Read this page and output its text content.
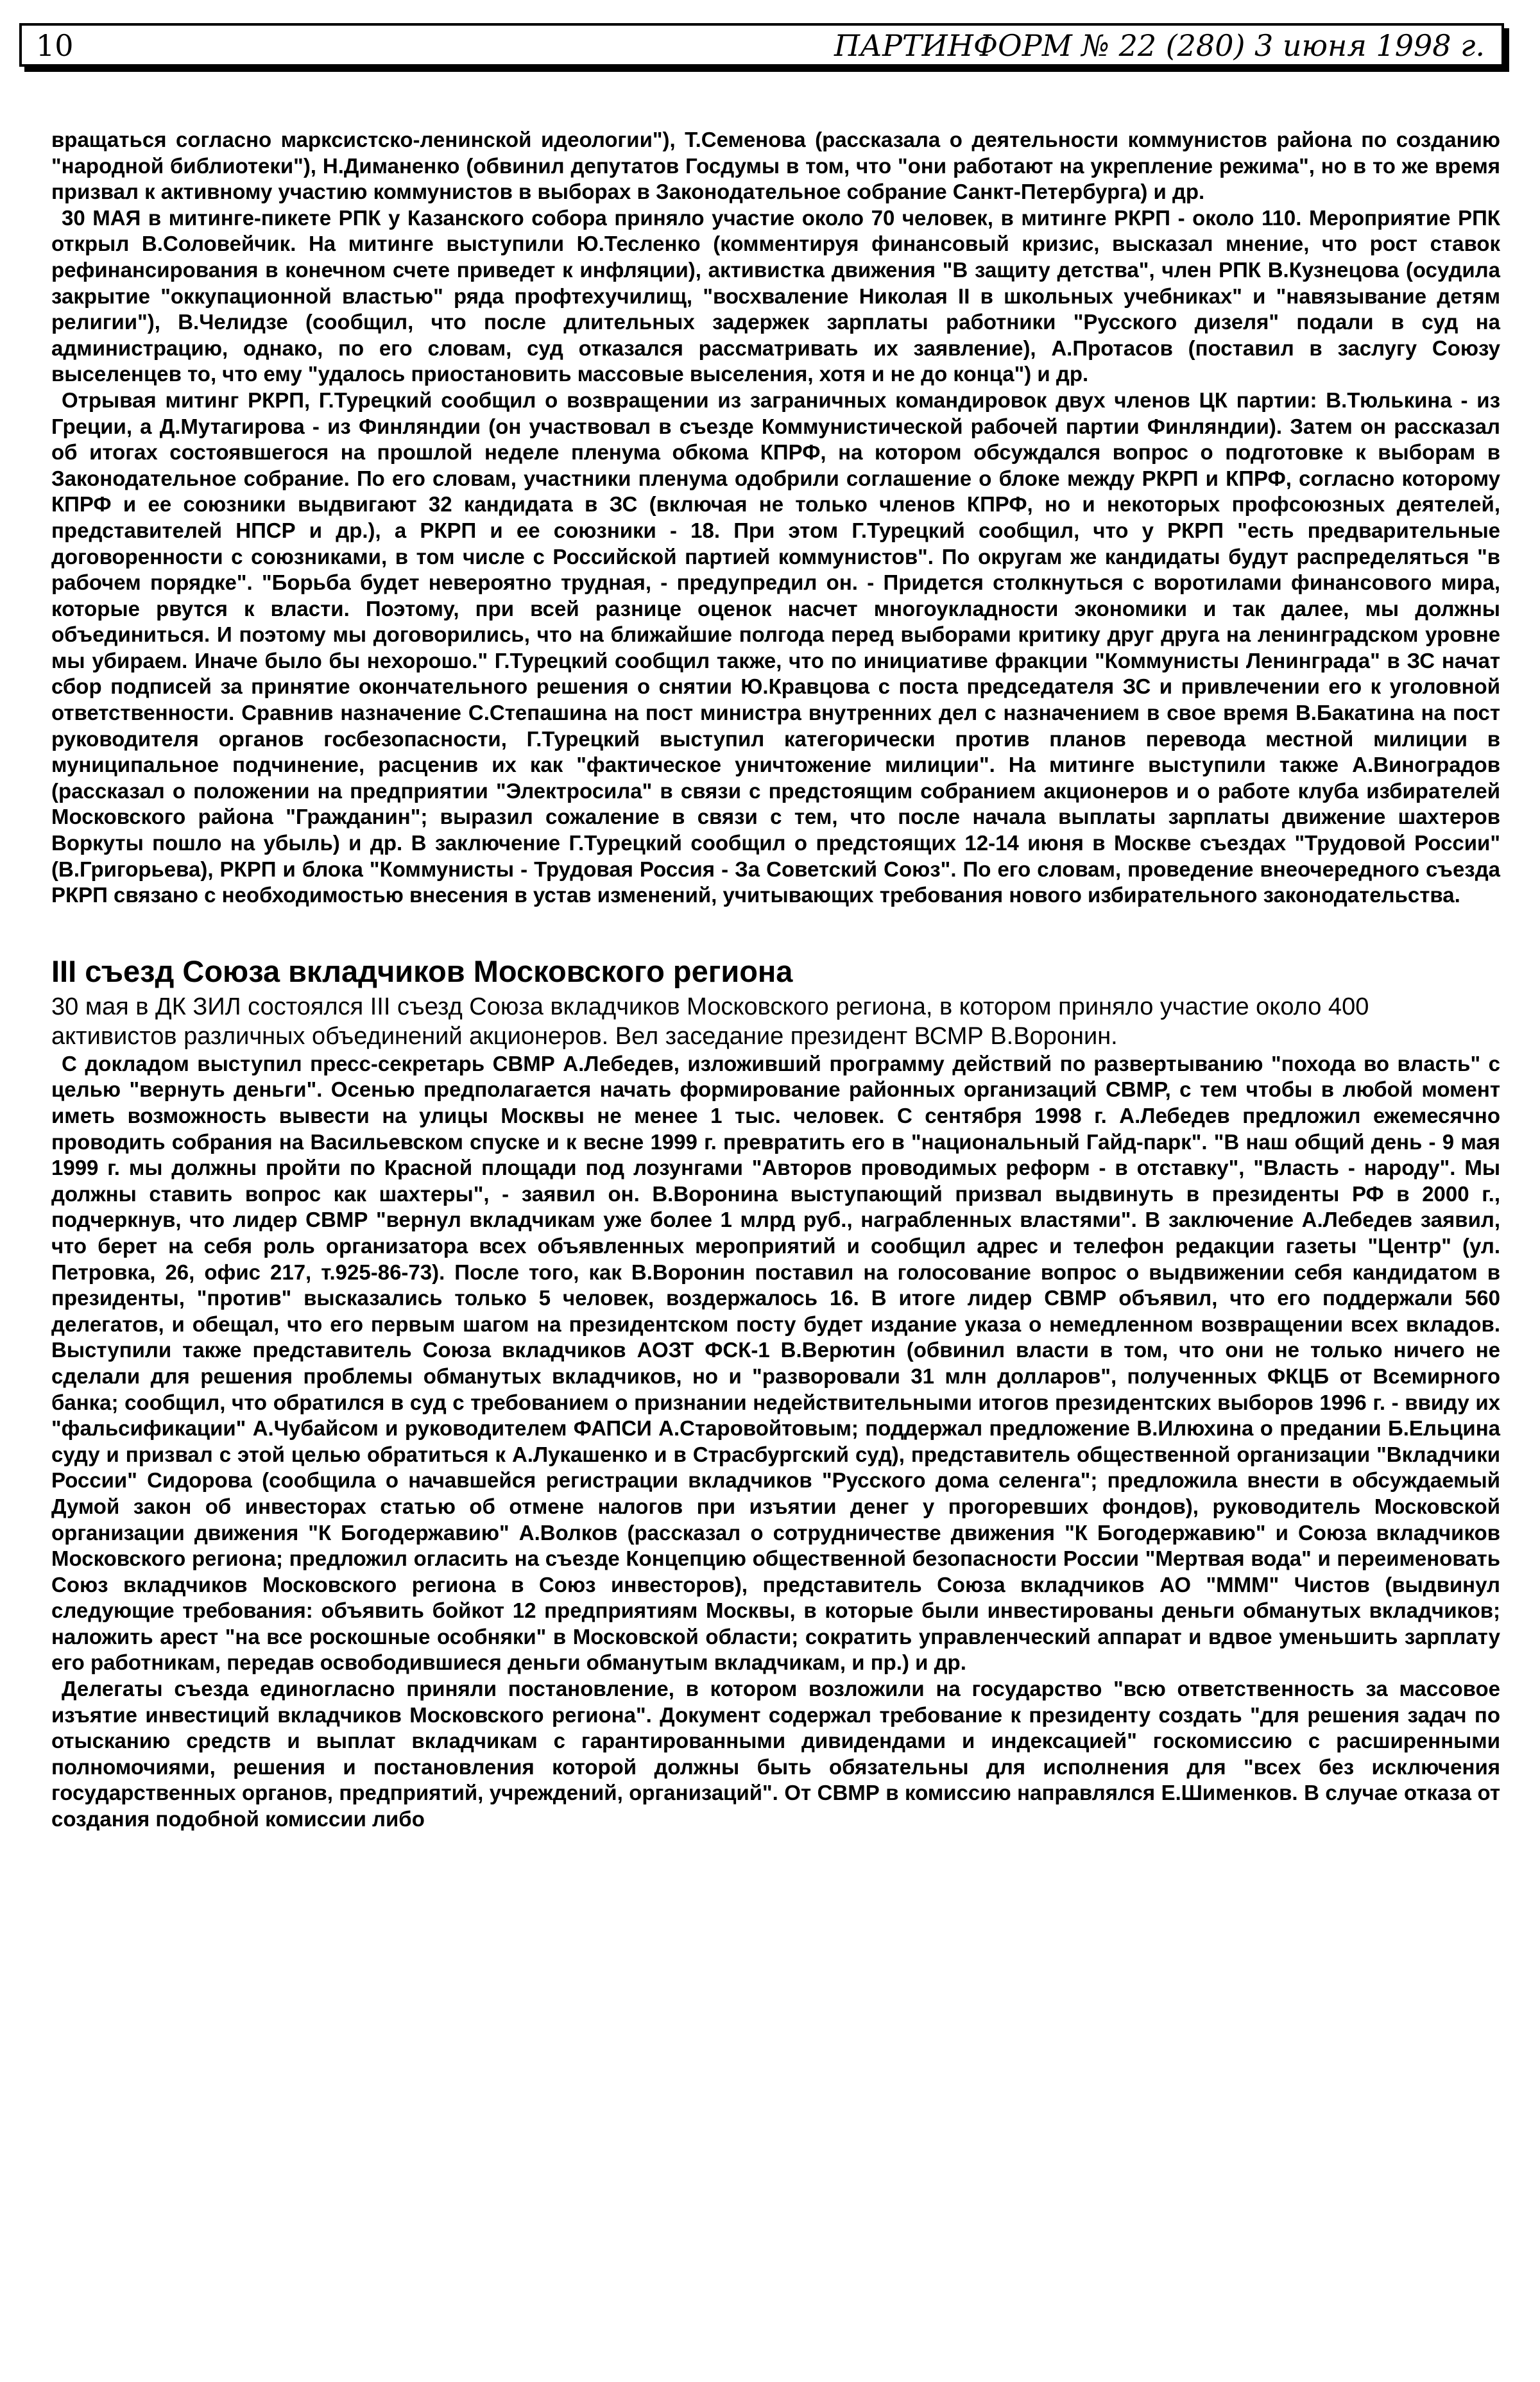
10	ПАРТИНФОРМ № 22 (280) 3 июня 1998 г.

вращаться согласно марксистско-ленинской идеологии"), Т.Семенова (рассказала о деятельности коммунистов района по созданию "народной библиотеки"), Н.Диманенко (обвинил депутатов Госдумы в том, что "они работают на укрепление режима", но в то же время призвал к активному участию коммунистов в выборах в Законодательное собрание Санкт-Петербурга) и др.

30 МАЯ в митинге-пикете РПК у Казанского собора приняло участие около 70 человек, в митинге РКРП - около 110. Мероприятие РПК открыл В.Соловейчик. На митинге выступили Ю.Тесленко (комментируя финансовый кризис, высказал мнение, что рост ставок рефинансирования в конечном счете приведет к инфляции), активистка движения "В защиту детства", член РПК В.Кузнецова (осудила закрытие "оккупационной властью" ряда профтехучилищ, "восхваление Николая II в школьных учебниках" и "навязывание детям религии"), В.Челидзе (сообщил, что после длительных задержек зарплаты работники "Русского дизеля" подали в суд на администрацию, однако, по его словам, суд отказался рассматривать их заявление), А.Протасов (поставил в заслугу Союзу выселенцев то, что ему "удалось приостановить массовые выселения, хотя и не до конца") и др.

Отрывая митинг РКРП, Г.Турецкий сообщил о возвращении из заграничных командировок двух членов ЦК партии: В.Тюлькина - из Греции, а Д.Мутагирова - из Финляндии (он участвовал в съезде Коммунистической рабочей партии Финляндии). Затем он рассказал об итогах состоявшегося на прошлой неделе пленума обкома КПРФ, на котором обсуждался вопрос о подготовке к выборам в Законодательное собрание. По его словам, участники пленума одобрили соглашение о блоке между РКРП и КПРФ, согласно которому КПРФ и ее союзники выдвигают 32 кандидата в ЗС (включая не только членов КПРФ, но и некоторых профсоюзных деятелей, представителей НПСР и др.), а РКРП и ее союзники - 18. При этом Г.Турецкий сообщил, что у РКРП "есть предварительные договоренности с союзниками, в том числе с Российской партией коммунистов". По округам же кандидаты будут распределяться "в рабочем порядке". "Борьба будет невероятно трудная, - предупредил он. - Придется столкнуться с воротилами финансового мира, которые рвутся к власти. Поэтому, при всей разнице оценок насчет многоукладности экономики и так далее, мы должны объединиться. И поэтому мы договорились, что на ближайшие полгода перед выборами критику друг друга на ленинградском уровне мы убираем. Иначе было бы нехорошо." Г.Турецкий сообщил также, что по инициативе фракции "Коммунисты Ленинграда" в ЗС начат сбор подписей за принятие окончательного решения о снятии Ю.Кравцова с поста председателя ЗС и привлечении его к уголовной ответственности. Сравнив назначение С.Степашина на пост министра внутренних дел с назначением в свое время В.Бакатина на пост руководителя органов госбезопасности, Г.Турецкий выступил категорически против планов перевода местной милиции в муниципальное подчинение, расценив их как "фактическое уничтожение милиции". На митинге выступили также А.Виноградов (рассказал о положении на предприятии "Электросила" в связи с предстоящим собранием акционеров и о работе клуба избирателей Московского района "Гражданин"; выразил сожаление в связи с тем, что после начала выплаты зарплаты движение шахтеров Воркуты пошло на убыль) и др. В заключение Г.Турецкий сообщил о предстоящих 12-14 июня в Москве съездах "Трудовой России" (В.Григорьева), РКРП и блока "Коммунисты - Трудовая Россия - За Советский Союз". По его словам, проведение внеочередного съезда РКРП связано с необходимостью внесения в устав изменений, учитывающих требования нового избирательного законодательства.

III съезд Союза вкладчиков Московского региона

30 мая в ДК ЗИЛ состоялся III съезд Союза вкладчиков Московского региона, в котором приняло участие около 400 активистов различных объединений акционеров. Вел заседание президент ВСМР В.Воронин.

С докладом выступил пресс-секретарь СВМР А.Лебедев, изложивший программу действий по развертыванию "похода во власть" с целью "вернуть деньги". Осенью предполагается начать формирование районных организаций СВМР, с тем чтобы в любой момент иметь возможность вывести на улицы Москвы не менее 1 тыс. человек. С сентября 1998 г. А.Лебедев предложил ежемесячно проводить собрания на Васильевском спуске и к весне 1999 г. превратить его в "национальный Гайд-парк". "В наш общий день - 9 мая 1999 г. мы должны пройти по Красной площади под лозунгами "Авторов проводимых реформ - в отставку", "Власть - народу". Мы должны ставить вопрос как шахтеры", - заявил он. В.Воронина выступающий призвал выдвинуть в президенты РФ в 2000 г., подчеркнув, что лидер СВМР "вернул вкладчикам уже более 1 млрд руб., награбленных властями". В заключение А.Лебедев заявил, что берет на себя роль организатора всех объявленных мероприятий и сообщил адрес и телефон редакции газеты "Центр" (ул. Петровка, 26, офис 217, т.925-86-73). После того, как В.Воронин поставил на голосование вопрос о выдвижении себя кандидатом в президенты, "против" высказались только 5 человек, воздержалось 16. В итоге лидер СВМР объявил, что его поддержали 560 делегатов, и обещал, что его первым шагом на президентском посту будет издание указа о немедленном возвращении всех вкладов. Выступили также представитель Союза вкладчиков АОЗТ ФСК-1 В.Верютин (обвинил власти в том, что они не только ничего не сделали для решения проблемы обманутых вкладчиков, но и "разворовали 31 млн долларов", полученных ФКЦБ от Всемирного банка; сообщил, что обратился в суд с требованием о признании недействительными итогов президентских выборов 1996 г. - ввиду их "фальсификации" А.Чубайсом и руководителем ФАПСИ А.Старовойтовым; поддержал предложение В.Илюхина о предании Б.Ельцина суду и призвал с этой целью обратиться к А.Лукашенко и в Страсбургский суд), представитель общественной организации "Вкладчики России" Сидорова (сообщила о начавшейся регистрации вкладчиков "Русского дома селенга"; предложила внести в обсуждаемый Думой закон об инвесторах статью об отмене налогов при изъятии денег у прогоревших фондов), руководитель Московской организации движения "К Богодержавию" А.Волков (рассказал о сотрудничестве движения "К Богодержавию" и Союза вкладчиков Московского региона; предложил огласить на съезде Концепцию общественной безопасности России "Мертвая вода" и переименовать Союз вкладчиков Московского региона в Союз инвесторов), представитель Союза вкладчиков АО "МММ" Чистов (выдвинул следующие требования: объявить бойкот 12 предприятиям Москвы, в которые были инвестированы деньги обманутых вкладчиков; наложить арест "на все роскошные особняки" в Московской области; сократить управленческий аппарат и вдвое уменьшить зарплату его работникам, передав освободившиеся деньги обманутым вкладчикам, и пр.) и др.

Делегаты съезда единогласно приняли постановление, в котором возложили на государство "всю ответственность за массовое изъятие инвестиций вкладчиков Московского региона". Документ содержал требование к президенту создать "для решения задач по отысканию средств и выплат вкладчикам с гарантированными дивидендами и индексацией" госкомиссию с расширенными полномочиями, решения и постановления которой должны быть обязательны для исполнения для "всех без исключения государственных органов, предприятий, учреждений, организаций". От СВМР в комиссию направлялся Е.Шименков. В случае отказа от создания подобной комиссии либо
